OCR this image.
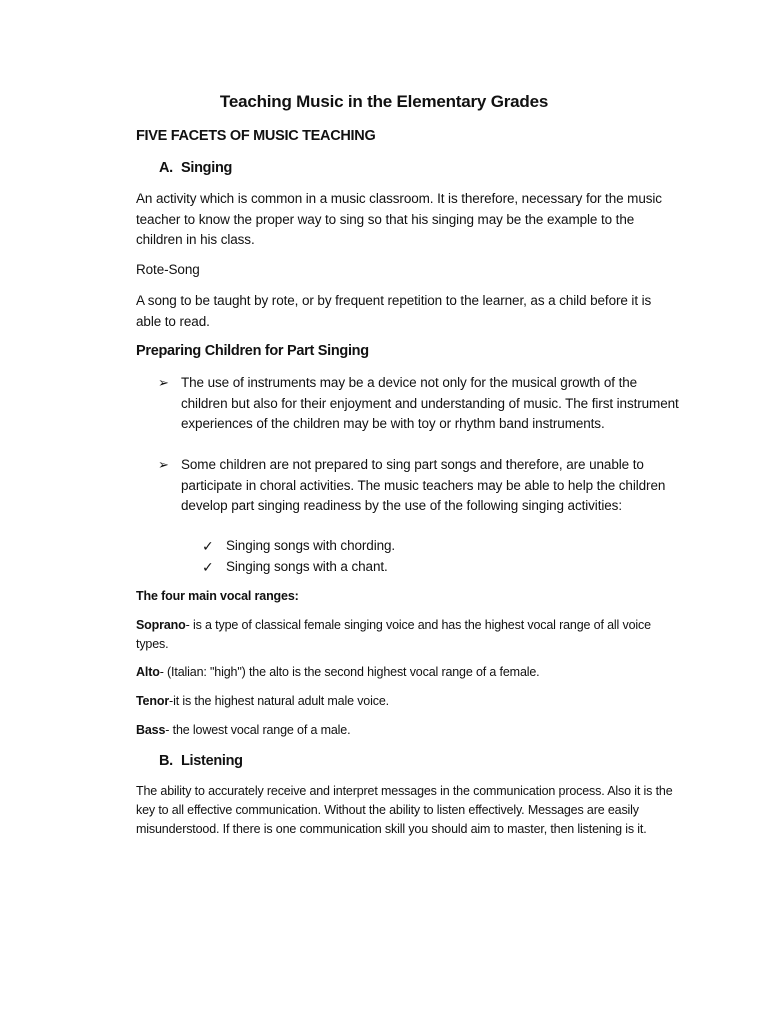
Teaching Music in the Elementary Grades

FIVE FACETS OF MUSIC TEACHING

A. Singing

An activity which is common in a music classroom. It is therefore, necessary for the music teacher to know the proper way to sing so that his singing may be the example to the children in his class.

Rote-Song

A song to be taught by rote, or by frequent repetition to the learner, as a child before it is able to read.

Preparing Children for Part Singing

➢ The use of instruments may be a device not only for the musical growth of the children but also for their enjoyment and understanding of music. The first instrument experiences of the children may be with toy or rhythm band instruments.

➢ Some children are not prepared to sing part songs and therefore, are unable to participate in choral activities. The music teachers may be able to help the children develop part singing readiness by the use of the following singing activities:

✓ Singing songs with chording.
✓ Singing songs with a chant.

The four main vocal ranges:

Soprano- is a type of classical female singing voice and has the highest vocal range of all voice types.

Alto- (Italian: "high") the alto is the second highest vocal range of a female.

Tenor-it is the highest natural adult male voice.

Bass- the lowest vocal range of a male.

B. Listening

The ability to accurately receive and interpret messages in the communication process. Also it is the key to all effective communication. Without the ability to listen effectively. Messages are easily misunderstood. If there is one communication skill you should aim to master, then listening is it.
